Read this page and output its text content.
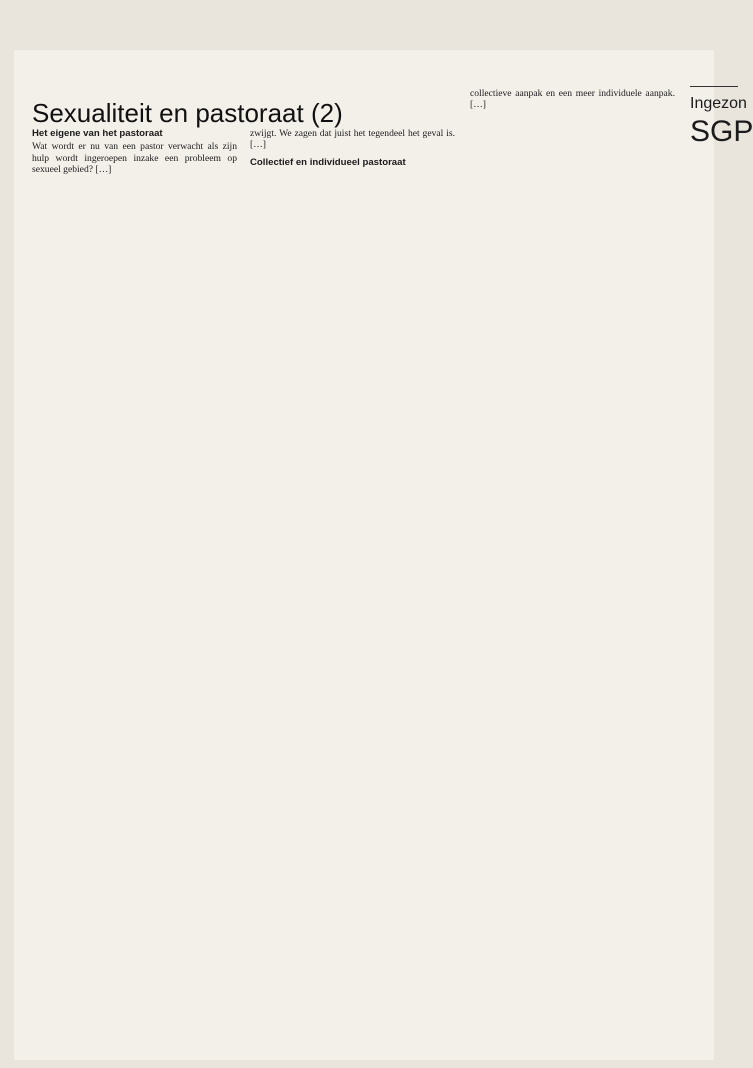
Sexualiteit en pastoraat (2)
Het eigene van het pastoraat

Wat wordt er nu van een pastor verwacht als zijn hulp wordt ingeroepen inzake een probleem op sexueel gebied? […]

zwijgt. We zagen dat juist het tegendeel het geval is. […]

Collectief en individueel pastoraat

collectieve aanpak en een meer individuele aanpak. […]	Ingezon
SGP
